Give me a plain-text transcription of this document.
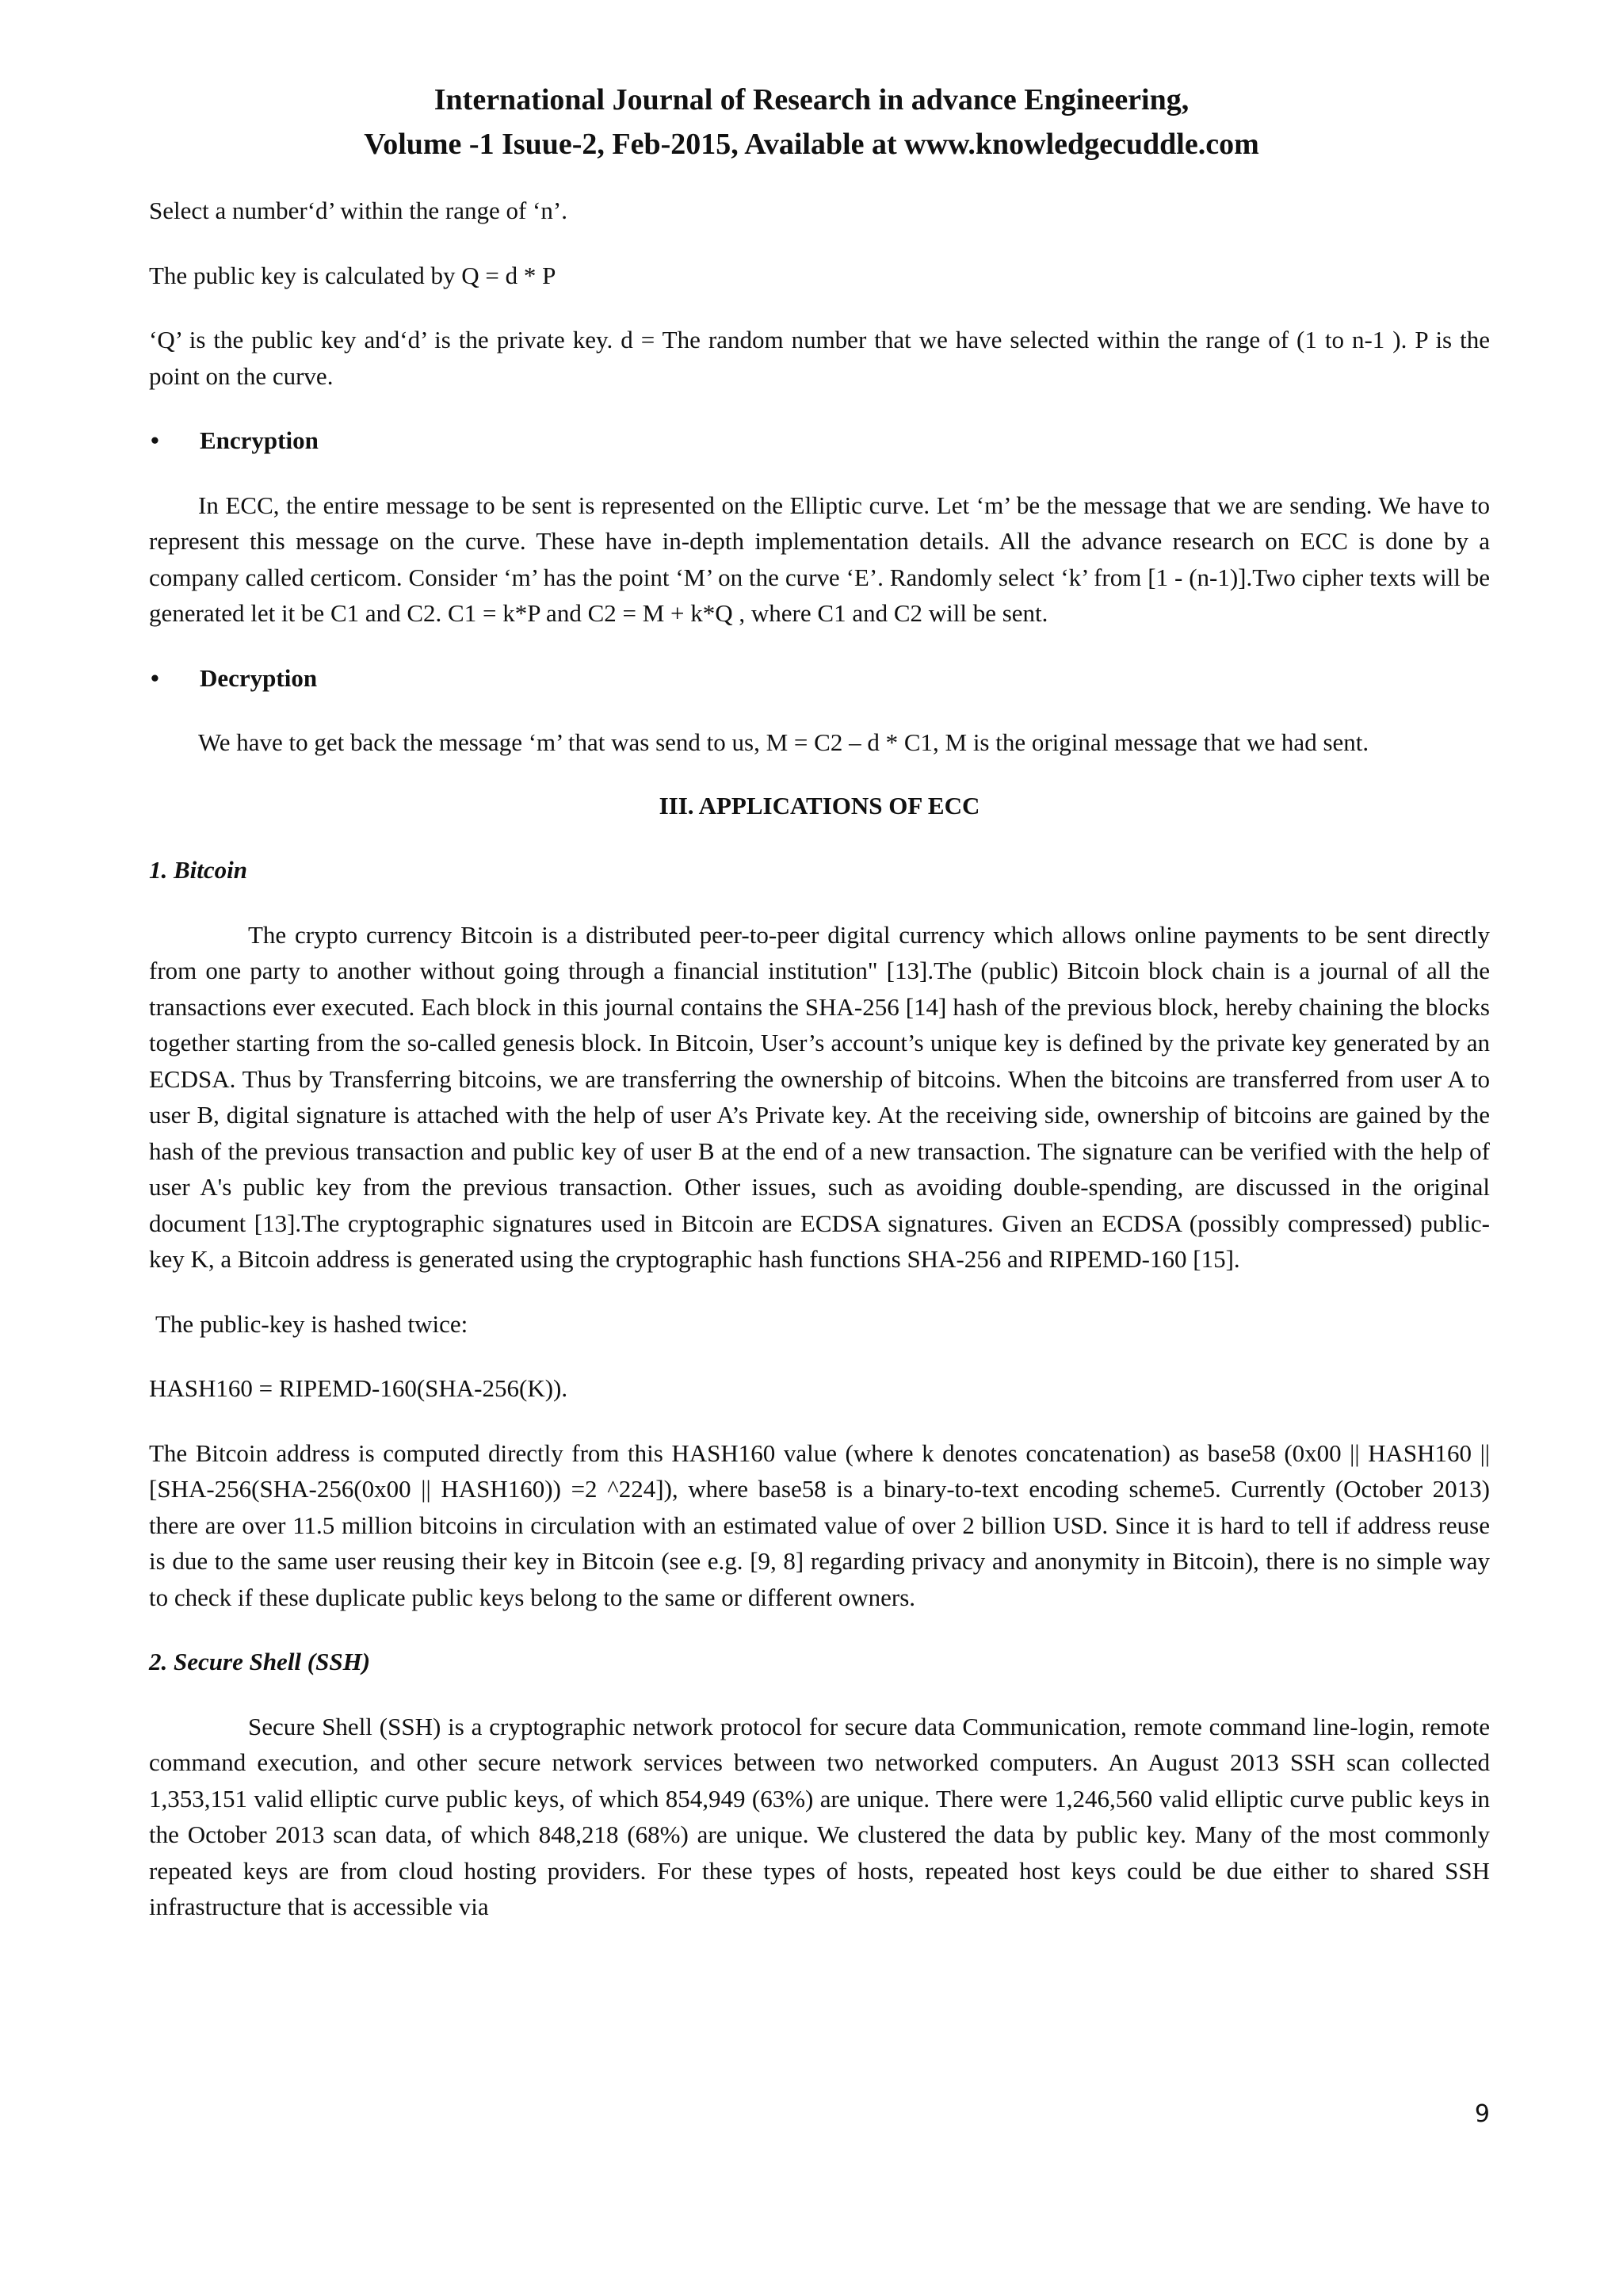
International Journal of Research in advance Engineering,
Volume -1 Isuue-2, Feb-2015, Available at www.knowledgecuddle.com

Select a number‘d’ within the range of ‘n’.

The public key is calculated by Q = d * P

‘Q’ is the public key and‘d’ is the private key. d = The random number that we have selected within the range of (1 to n-1 ). P is the point on the curve.

•	Encryption

In ECC, the entire message to be sent is represented on the Elliptic curve. Let ‘m’ be the message that we are sending. We have to represent this message on the curve. These have in-depth implementation details. All the advance research on ECC is done by a company called certicom. Consider ‘m’ has the point ‘M’ on the curve ‘E’. Randomly select ‘k’ from [1 - (n-1)].Two cipher texts will be generated let it be C1 and C2. C1 = k*P and C2 = M + k*Q , where C1 and C2 will be sent.

•	Decryption

We have to get back the message ‘m’ that was send to us, M = C2 – d * C1, M is the original message that we had sent.

III. APPLICATIONS OF ECC
1. Bitcoin

The crypto currency Bitcoin is a distributed peer-to-peer digital currency which allows online payments to be sent directly from one party to another without going through a financial institution" [13].The (public) Bitcoin block chain is a journal of all the transactions ever executed. Each block in this journal contains the SHA-256 [14] hash of the previous block, hereby chaining the blocks together starting from the so-called genesis block. In Bitcoin, User’s account’s unique key is defined by the private key generated by an ECDSA. Thus by Transferring bitcoins, we are transferring the ownership of bitcoins. When the bitcoins are transferred from user A to user B, digital signature is attached with the help of user A’s Private key. At the receiving side, ownership of bitcoins are gained by the hash of the previous transaction and public key of user B at the end of a new transaction. The signature can be verified with the help of user A's public key from the previous transaction. Other issues, such as avoiding double-spending, are discussed in the original document [13].The cryptographic signatures used in Bitcoin are ECDSA signatures. Given an ECDSA (possibly compressed) public-key K, a Bitcoin address is generated using the cryptographic hash functions SHA-256 and RIPEMD-160 [15].

The public-key is hashed twice:

HASH160 = RIPEMD-160(SHA-256(K)).

The Bitcoin address is computed directly from this HASH160 value (where k denotes concatenation) as base58 (0x00 || HASH160 || [SHA-256(SHA-256(0x00 || HASH160)) =2 ^224]), where base58 is a binary-to-text encoding scheme5. Currently (October 2013) there are over 11.5 million bitcoins in circulation with an estimated value of over 2 billion USD. Since it is hard to tell if address reuse is due to the same user reusing their key in Bitcoin (see e.g. [9, 8] regarding privacy and anonymity in Bitcoin), there is no simple way to check if these duplicate public keys belong to the same or different owners.

2. Secure Shell (SSH)

Secure Shell (SSH) is a cryptographic network protocol for secure data Communication, remote command line-login, remote command execution, and other secure network services between two networked computers. An August 2013 SSH scan collected 1,353,151 valid elliptic curve public keys, of which 854,949 (63%) are unique. There were 1,246,560 valid elliptic curve public keys in the October 2013 scan data, of which 848,218 (68%) are unique. We clustered the data by public key. Many of the most commonly repeated keys are from cloud hosting providers. For these types of hosts, repeated host keys could be due either to shared SSH infrastructure that is accessible via

9
